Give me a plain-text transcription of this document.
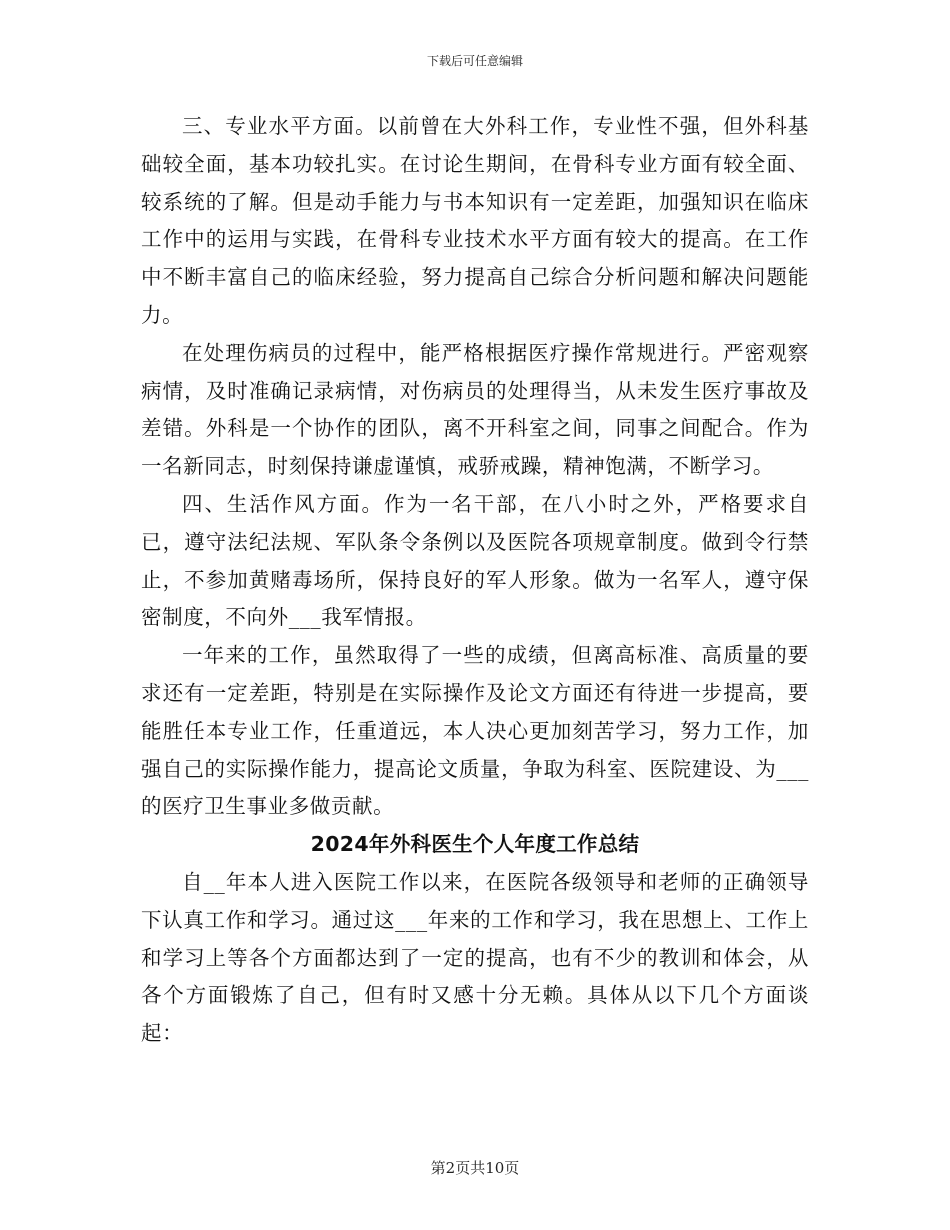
下载后可任意编辑

三、专业水平方面。以前曾在大外科工作，专业性不强，但外科基础较全面，基本功较扎实。在讨论生期间，在骨科专业方面有较全面、较系统的了解。但是动手能力与书本知识有一定差距，加强知识在临床工作中的运用与实践，在骨科专业技术水平方面有较大的提高。在工作中不断丰富自己的临床经验，努力提高自己综合分析问题和解决问题能力。

在处理伤病员的过程中，能严格根据医疗操作常规进行。严密观察病情，及时准确记录病情，对伤病员的处理得当，从未发生医疗事故及差错。外科是一个协作的团队，离不开科室之间，同事之间配合。作为一名新同志，时刻保持谦虚谨慎，戒骄戒躁，精神饱满，不断学习。

四、生活作风方面。作为一名干部，在八小时之外，严格要求自已，遵守法纪法规、军队条令条例以及医院各项规章制度。做到令行禁止，不参加黄赌毒场所，保持良好的军人形象。做为一名军人，遵守保密制度，不向外___我军情报。

一年来的工作，虽然取得了一些的成绩，但离高标准、高质量的要求还有一定差距，特别是在实际操作及论文方面还有待进一步提高，要能胜任本专业工作，任重道远，本人决心更加刻苦学习，努力工作，加强自己的实际操作能力，提高论文质量，争取为科室、医院建设、为___的医疗卫生事业多做贡献。

2024年外科医生个人年度工作总结

自__年本人进入医院工作以来，在医院各级领导和老师的正确领导下认真工作和学习。通过这___年来的工作和学习，我在思想上、工作上和学习上等各个方面都达到了一定的提高，也有不少的教训和体会，从各个方面锻炼了自己，但有时又感十分无赖。具体从以下几个方面谈起：

第2页共10页
